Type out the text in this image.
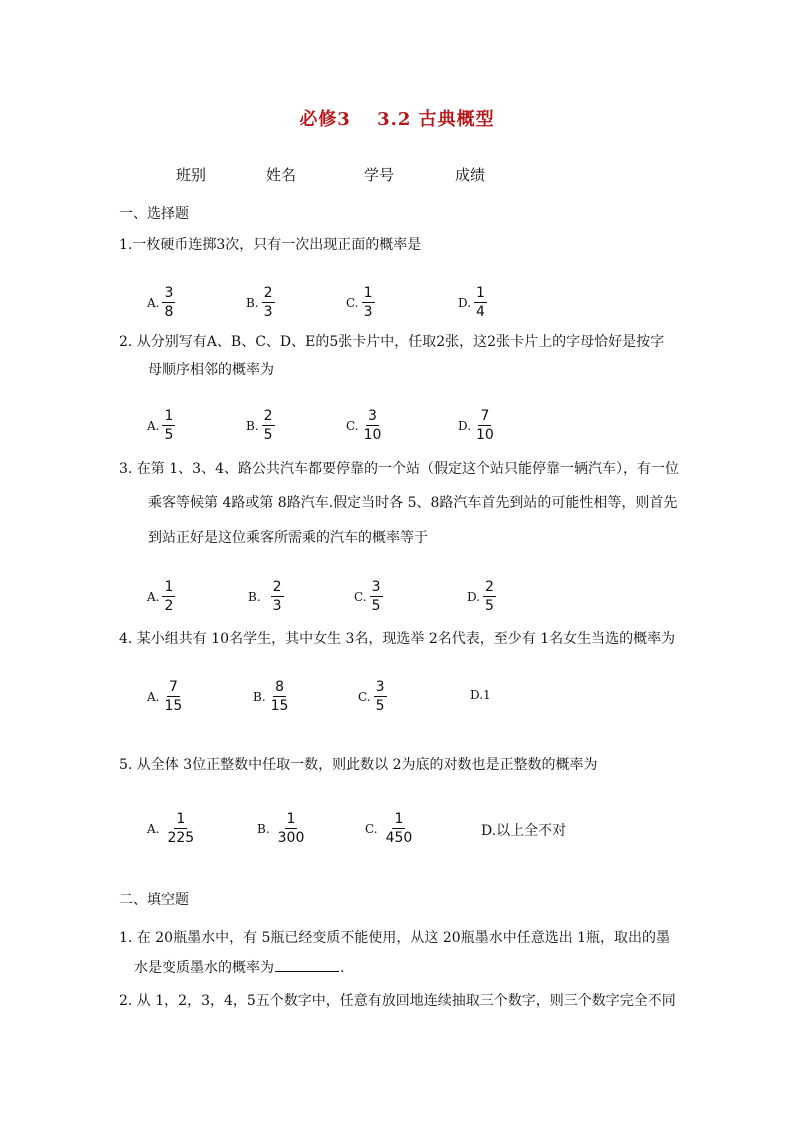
必修3　 3.2 古典概型
班别	姓名	学号	成绩
一、选择题
1.一枚硬币连掷3次，只有一次出现正面的概率是
A. $\frac{3}{8}$	B. $\frac{2}{3}$	C. $\frac{1}{3}$	D. $\frac{1}{4}$
2. 从分别写有A、B、C、D、E的5张卡片中，任取2张，这2张卡片上的字母恰好是按字
母顺序相邻的概率为
A. $\frac{1}{5}$	B. $\frac{2}{5}$	C. $\frac{3}{10}$	D. $\frac{7}{10}$
3. 在第 1、3、4、路公共汽车都要停靠的一个站（假定这个站只能停靠一辆汽车），有一位
乘客等候第 4路或第 8路汽车.假定当时各 5、8路汽车首先到站的可能性相等，则首先
到站正好是这位乘客所需乘的汽车的概率等于
A. $\frac{1}{2}$	B. $\frac{2}{3}$	C. $\frac{3}{5}$	D. $\frac{2}{5}$
4. 某小组共有 10名学生，其中女生 3名，现选举 2名代表，至少有 1名女生当选的概率为
A. $\frac{7}{15}$	B. $\frac{8}{15}$	C. $\frac{3}{5}$	D.1
5. 从全体 3位正整数中任取一数，则此数以 2为底的对数也是正整数的概率为
A. $\frac{1}{225}$	B. $\frac{1}{300}$	C. $\frac{1}{450}$	D.以上全不对
二、填空题
1. 在 20瓶墨水中，有 5瓶已经变质不能使用，从这 20瓶墨水中任意选出 1瓶，取出的墨
水是变质墨水的概率为	.
2. 从 1，2，3，4，5五个数字中，任意有放回地连续抽取三个数字，则三个数字完全不同
